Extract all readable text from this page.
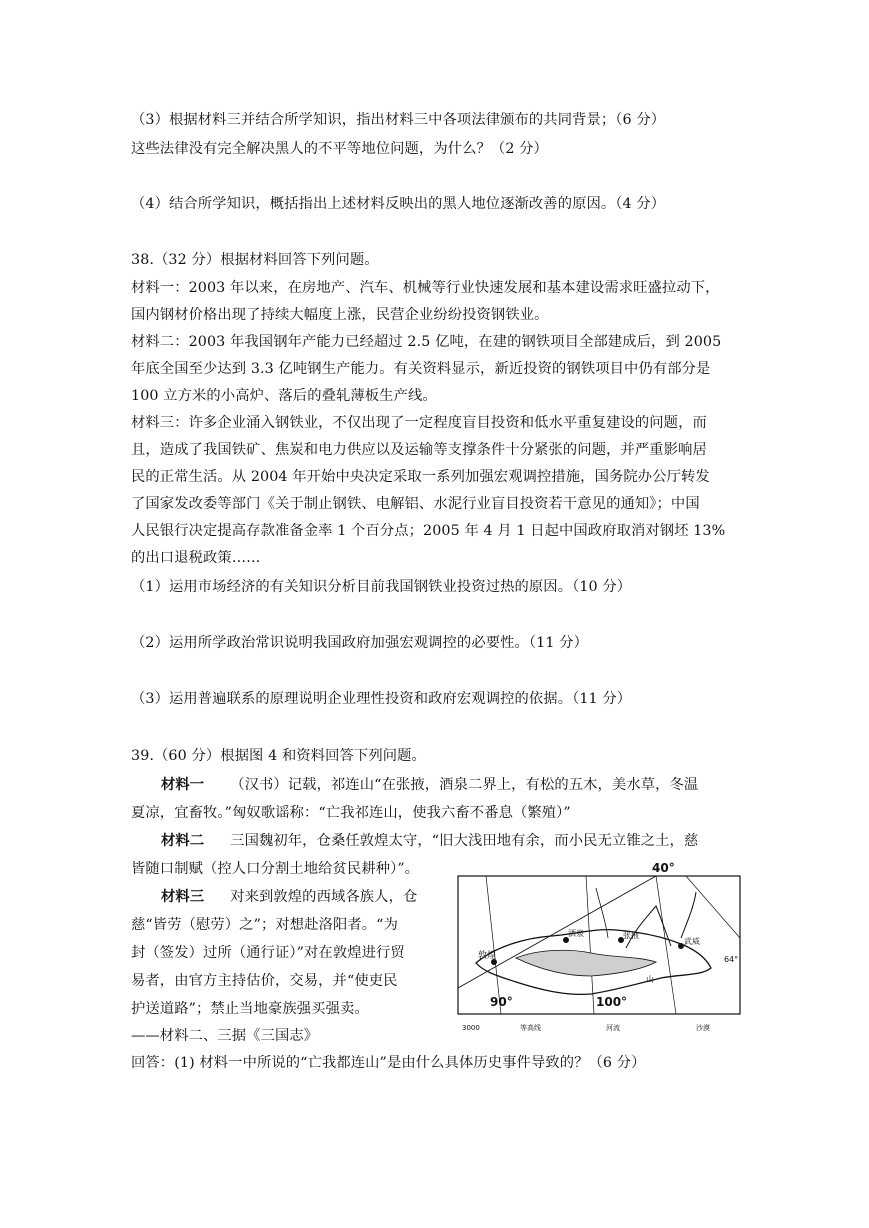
（3）根据材料三并结合所学知识，指出材料三中各项法律颁布的共同背景；（6 分）
这些法律没有完全解决黑人的不平等地位问题，为什么？（2 分）
（4）结合所学知识，概括指出上述材料反映出的黑人地位逐渐改善的原因。（4 分）
38.（32 分）根据材料回答下列问题。
材料一：2003 年以来，在房地产、汽车、机械等行业快速发展和基本建设需求旺盛拉动下，
国内钢材价格出现了持续大幅度上涨，民营企业纷纷投资钢铁业。
材料二：2003 年我国钢年产能力已经超过 2.5 亿吨，在建的钢铁项目全部建成后，到 2005
年底全国至少达到 3.3 亿吨钢生产能力。有关资料显示，新近投资的钢铁项目中仍有部分是
100 立方米的小高炉、落后的叠轧薄板生产线。
材料三：许多企业涌入钢铁业，不仅出现了一定程度盲目投资和低水平重复建设的问题，而
且，造成了我国铁矿、焦炭和电力供应以及运输等支撑条件十分紧张的问题，并严重影响居
民的正常生活。从 2004 年开始中央决定采取一系列加强宏观调控措施，国务院办公厅转发
了国家发改委等部门《关于制止钢铁、电解铝、水泥行业盲目投资若干意见的通知》；中国
人民银行决定提高存款准备金率 1 个百分点；2005 年 4 月 1 日起中国政府取消对钢坯 13%
的出口退税政策……
（1）运用市场经济的有关知识分析目前我国钢铁业投资过热的原因。（10 分）
（2）运用所学政治常识说明我国政府加强宏观调控的必要性。（11 分）
（3）运用普遍联系的原理说明企业理性投资和政府宏观调控的依据。（11 分）
39.（60 分）根据图 4 和资料回答下列问题。
材料一 （汉书）记载，祁连山“在张掖，酒泉二界上，有松的五木，美水草，冬温
夏凉，宜畜牧。”匈奴歌谣称：“亡我祁连山，使我六畜不番息（繁殖）”
材料二 三国魏初年，仓桑任敦煌太守，“旧大浅田地有余，而小民无立锥之土，慈
皆随口制赋（控人口分割土地给贫民耕种）”。
材料三 对来到敦煌的西域各族人，仓
慈“皆劳（慰劳）之”；对想赴洛阳者。“为
封（签发）过所（通行证）”对在敦煌进行贸
易者，由官方主持估价，交易，并“使吏民
护送道路”；禁止当地豪族强买强卖。
——材料二、三据《三国志》
回答：(1) 材料一中所说的“亡我都连山”是由什么具体历史事件导致的？（6 分）
敦煌
酒泉	张掖
武威
山
40°
64°
90°	100°
3000	等高线	河流	沙漠
